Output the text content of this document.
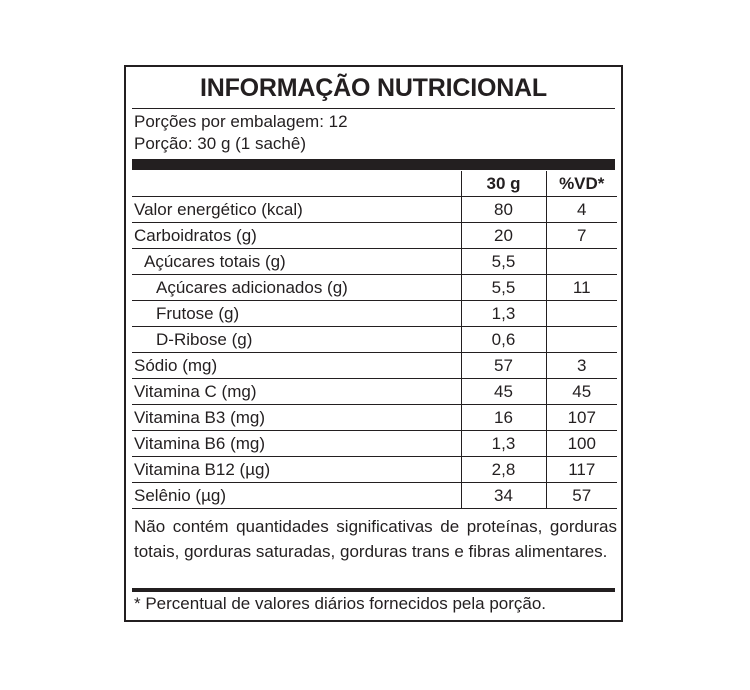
INFORMAÇÃO NUTRICIONAL
Porções por embalagem: 12
Porção: 30 g (1 sachê)
	30 g	%VD*
Valor energético (kcal)	80	4
Carboidratos (g)	20	7
Açúcares totais (g)	5,5	
Açúcares adicionados (g)	5,5	11
Frutose (g)	1,3	
D-Ribose (g)	0,6	
Sódio (mg)	57	3
Vitamina C (mg)	45	45
Vitamina B3 (mg)	16	107
Vitamina B6 (mg)	1,3	100
Vitamina B12 (µg)	2,8	117
Selênio (µg)	34	57
Não contém quantidades significativas de proteínas, gorduras totais, gorduras saturadas, gorduras trans e fibras alimentares.
* Percentual de valores diários fornecidos pela porção.
